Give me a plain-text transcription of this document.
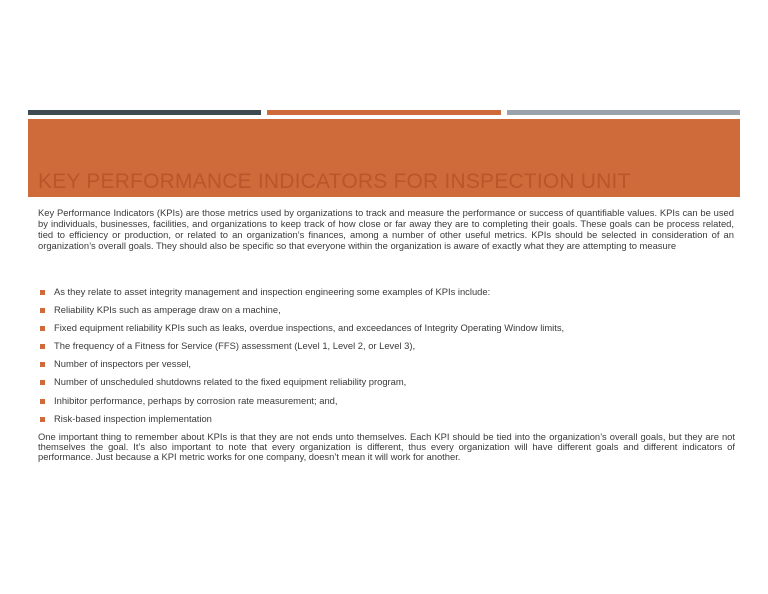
KEY PERFORMANCE INDICATORS FOR INSPECTION UNIT

Key Performance Indicators (KPIs) are those metrics used by organizations to track and measure the performance or success of quantifiable values. KPIs can be used by individuals, businesses, facilities, and organizations to keep track of how close or far away they are to completing their goals. These goals can be process related, tied to efficiency or production, or related to an organization’s finances, among a number of other useful metrics. KPIs should be selected in consideration of an organization’s overall goals. They should also be specific so that everyone within the organization is aware of exactly what they are attempting to measure

As they relate to asset integrity management and inspection engineering some examples of KPIs include:
Reliability KPIs such as amperage draw on a machine,
Fixed equipment reliability KPIs such as leaks, overdue inspections, and exceedances of Integrity Operating Window limits,
The frequency of a Fitness for Service (FFS) assessment (Level 1, Level 2, or Level 3),
Number of inspectors per vessel,
Number of unscheduled shutdowns related to the fixed equipment reliability program,
Inhibitor performance, perhaps by corrosion rate measurement; and,
Risk-based inspection implementation

One important thing to remember about KPIs is that they are not ends unto themselves. Each KPI should be tied into the organization’s overall goals, but they are not themselves the goal. It’s also important to note that every organization is different, thus every organization will have different goals and different indicators of performance. Just because a KPI metric works for one company, doesn’t mean it will work for another.
